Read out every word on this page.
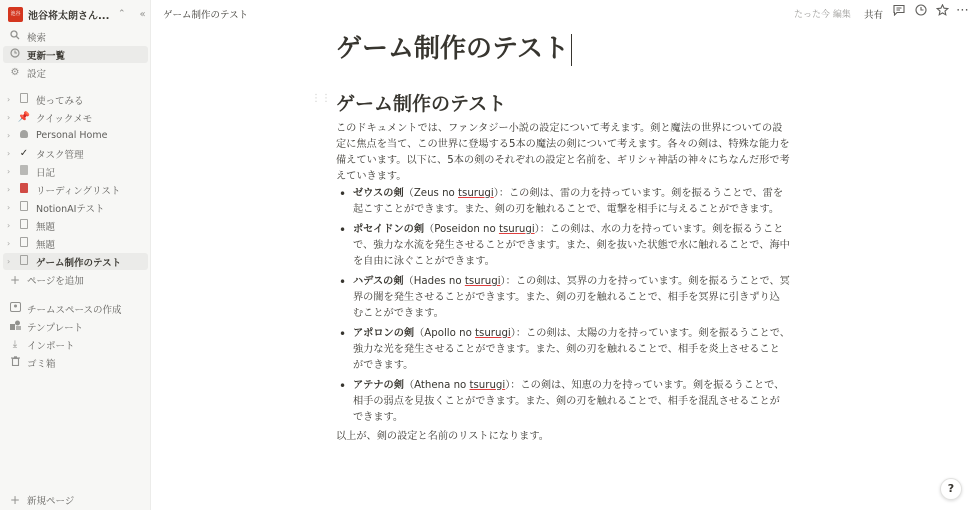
池谷 池谷将太朗さん... ⌃ «
検索
更新一覧
⚙ 設定
›	使ってみる
› 📌 クイックメモ
›	Personal Home
› ✓ タスク管理
›	日記
›	リーディングリスト
›	NotionAIテスト
›	無題
›	無題
›	ゲーム制作のテスト
+ ページを追加
チームスペースの作成
テンプレート
⤓	インポート
ゴミ箱
+ 新規ページ
ゲーム制作のテスト	たった今 編集 共有	⋯
ゲーム制作のテスト
⋮⋮ ゲーム制作のテスト

このドキュメントでは、ファンタジー小説の設定について考えます。剣と魔法の世界についての設定に焦点を当て、この世界に登場する5本の魔法の剣について考えます。各々の剣は、特殊な能力を備えています。以下に、5本の剣のそれぞれの設定と名前を、ギリシャ神話の神々にちなんだ形で考えていきます。

• ゼウスの剣（Zeus no tsurugi）：この剣は、雷の力を持っています。剣を振るうことで、雷を起こすことができます。また、剣の刃を触れることで、電撃を相手に与えることができます。
• ポセイドンの剣（Poseidon no tsurugi）：この剣は、水の力を持っています。剣を振るうことで、強力な水流を発生させることができます。また、剣を抜いた状態で水に触れることで、海中を自由に泳ぐことができます。
• ハデスの剣（Hades no tsurugi）：この剣は、冥界の力を持っています。剣を振るうことで、冥界の闇を発生させることができます。また、剣の刃を触れることで、相手を冥界に引きずり込むことができます。
• アポロンの剣（Apollo no tsurugi）：この剣は、太陽の力を持っています。剣を振るうことで、強力な光を発生させることができます。また、剣の刃を触れることで、相手を炎上させることができます。
• アテナの剣（Athena no tsurugi）：この剣は、知恵の力を持っています。剣を振るうことで、相手の弱点を見抜くことができます。また、剣の刃を触れることで、相手を混乱させることができます。

以上が、剣の設定と名前のリストになります。

?
